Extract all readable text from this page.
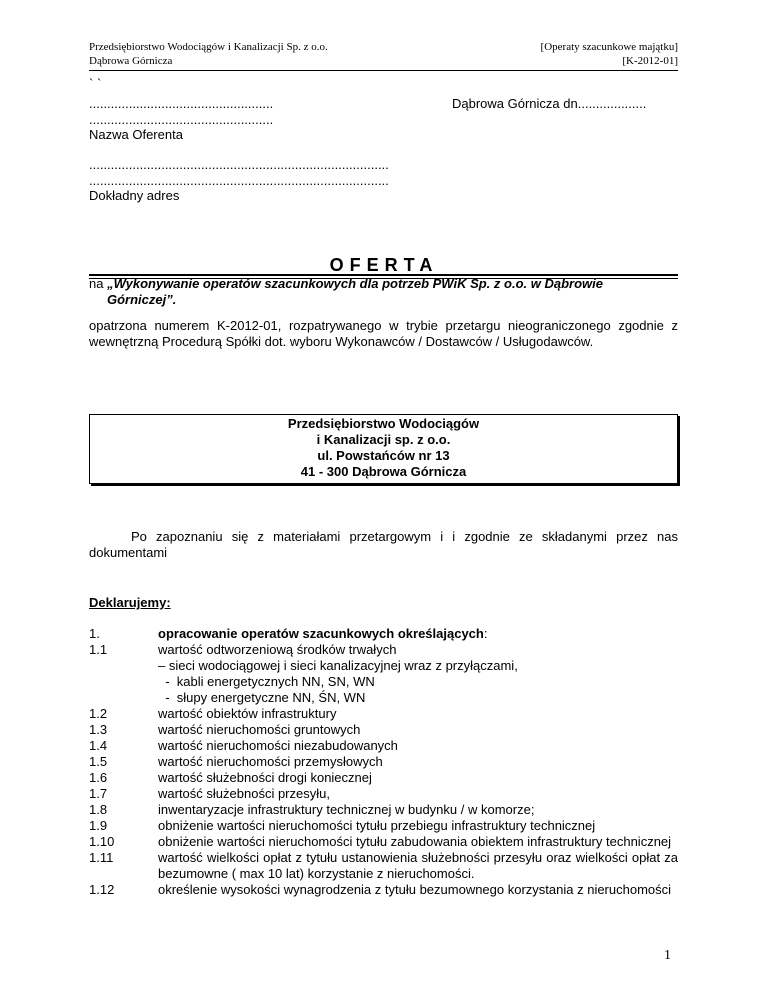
Przedsiębiorstwo Wodociągów i Kanalizacji Sp. z o.o.
Dąbrowa Górnicza
[Operaty szacunkowe majątku]
[K-2012-01]
` `
...................................................
...................................................
Dąbrowa Górnicza dn...................
Nazwa Oferenta
...................................................................................
...................................................................................
Dokładny adres
OFERTA
na „Wykonywanie operatów szacunkowych dla potrzeb PWiK Sp. z o.o. w Dąbrowie
Górniczej”.
opatrzona numerem K-2012-01, rozpatrywanego w trybie przetargu nieograniczonego zgodnie z wewnętrzną Procedurą Spółki dot. wyboru Wykonawców / Dostawców / Usługodawców.
Przedsiębiorstwo Wodociągów
i Kanalizacji sp. z o.o.
ul. Powstańców nr 13
41 - 300 Dąbrowa Górnicza
Po zapoznaniu się z materiałami przetargowym i i zgodnie ze składanymi przez nas dokumentami
Deklarujemy:
1.	opracowanie operatów szacunkowych określających:
1.1	wartość odtworzeniową środków trwałych
– sieci wodociągowej i sieci kanalizacyjnej wraz z przyłączami,
-  kabli energetycznych NN, SN, WN
-  słupy energetyczne NN, ŚN, WN
1.2	wartość obiektów infrastruktury
1.3	wartość nieruchomości gruntowych
1.4	wartość nieruchomości niezabudowanych
1.5	wartość nieruchomości przemysłowych
1.6	wartość służebności drogi koniecznej
1.7	wartość służebności przesyłu,
1.8	inwentaryzacje infrastruktury technicznej w budynku / w komorze;
1.9	obniżenie wartości nieruchomości tytułu przebiegu infrastruktury technicznej
1.10	obniżenie wartości nieruchomości tytułu zabudowania obiektem infrastruktury technicznej
1.11	wartość wielkości opłat z tytułu ustanowienia służebności przesyłu oraz wielkości opłat za bezumowne ( max 10 lat) korzystanie z nieruchomości.
1.12	określenie wysokości wynagrodzenia z tytułu bezumownego korzystania z nieruchomości
1
